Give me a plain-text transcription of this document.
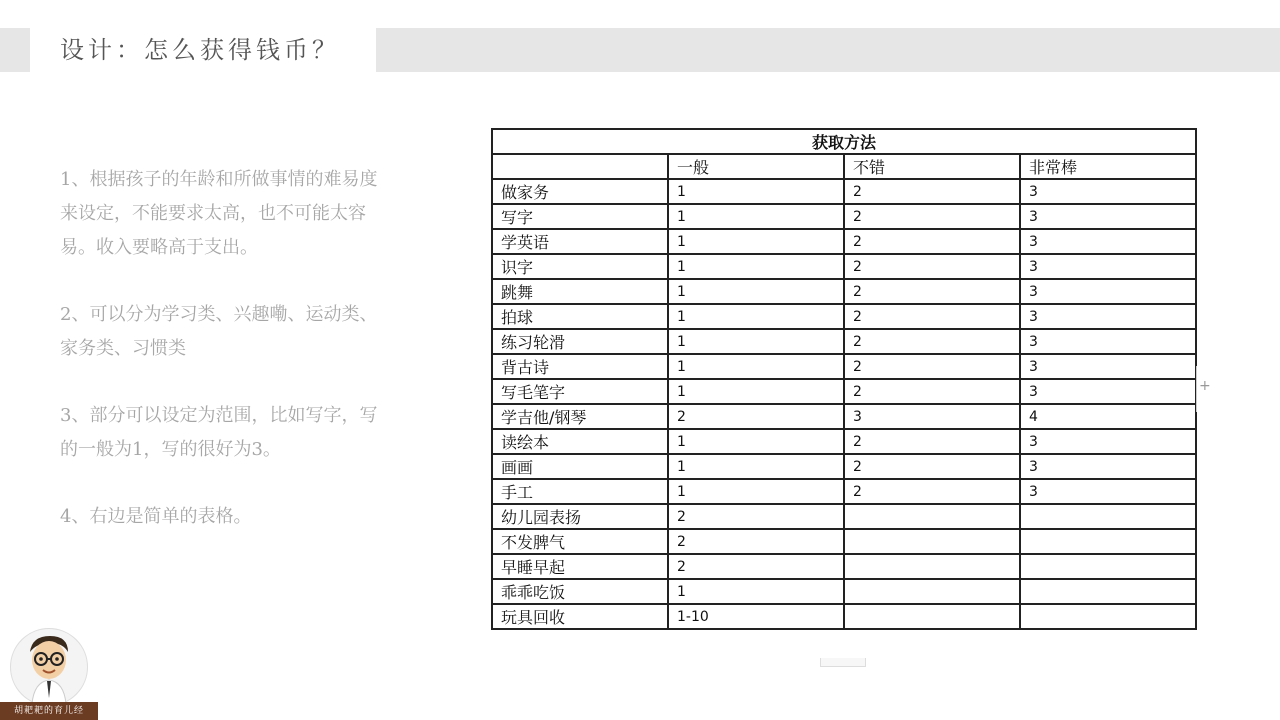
设计：怎么获得钱币？

1、根据孩子的年龄和所做事情的难易度来设定，不能要求太高，也不可能太容易。收入要略高于支出。

2、可以分为学习类、兴趣嘞、运动类、家务类、习惯类

3、部分可以设定为范围，比如写字，写的一般为1，写的很好为3。

4、右边是简单的表格。

获取方法			
	一般	不错	非常棒
做家务	1	2	3
写字	1	2	3
学英语	1	2	3
识字	1	2	3
跳舞	1	2	3
拍球	1	2	3
练习轮滑	1	2	3
背古诗	1	2	3
写毛笔字	1	2	3
学吉他/钢琴	2	3	4
读绘本	1	2	3
画画	1	2	3
手工	1	2	3
幼儿园表扬	2		
不发脾气	2		
早睡早起	2		
乖乖吃饭	1		
玩具回收	1-10		
+
胡耙耙的育儿经
